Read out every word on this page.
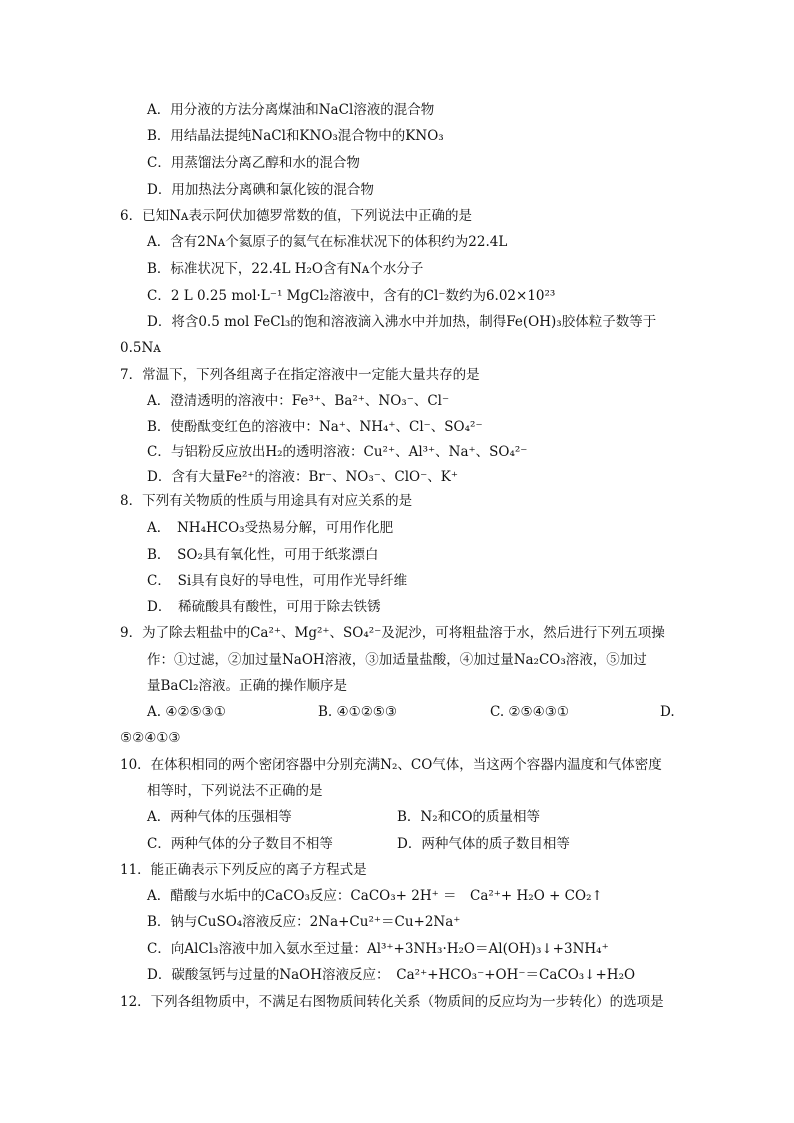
A．用分液的方法分离煤油和NaCl溶液的混合物
B．用结晶法提纯NaCl和KNO₃混合物中的KNO₃
C．用蒸馏法分离乙醇和水的混合物
D．用加热法分离碘和氯化铵的混合物
6．已知Nᴀ表示阿伏加德罗常数的值，下列说法中正确的是
A．含有2Nᴀ个氦原子的氦气在标准状况下的体积约为22.4L
B．标准状况下，22.4L H₂O含有Nᴀ个水分子
C．2 L 0.25 mol·L⁻¹ MgCl₂溶液中，含有的Cl⁻数约为6.02×10²³
D．将含0.5 mol FeCl₃的饱和溶液滴入沸水中并加热，制得Fe(OH)₃胶体粒子数等于
0.5Nᴀ
7．常温下，下列各组离子在指定溶液中一定能大量共存的是
A．澄清透明的溶液中：Fe³⁺、Ba²⁺、NO₃⁻、Cl⁻
B．使酚酞变红色的溶液中：Na⁺、NH₄⁺、Cl⁻、SO₄²⁻
C．与铝粉反应放出H₂的透明溶液：Cu²⁺、Al³⁺、Na⁺、SO₄²⁻
D．含有大量Fe²⁺的溶液：Br⁻、NO₃⁻、ClO⁻、K⁺
8．下列有关物质的性质与用途具有对应关系的是
A．　NH₄HCO₃受热易分解，可用作化肥
B．　SO₂具有氧化性，可用于纸浆漂白
C．　Si具有良好的导电性，可用作光导纤维
D．　稀硫酸具有酸性，可用于除去铁锈
9．为了除去粗盐中的Ca²⁺、Mg²⁺、SO₄²⁻及泥沙，可将粗盐溶于水，然后进行下列五项操
作：①过滤，②加过量NaOH溶液，③加适量盐酸，④加过量Na₂CO₃溶液，⑤加过
量BaCl₂溶液。正确的操作顺序是
A. ④②⑤③①	B. ④①②⑤③	C. ②⑤④③①	D.
⑤②④①③
10．在体积相同的两个密闭容器中分别充满N₂、CO气体，当这两个容器内温度和气体密度
相等时，下列说法不正确的是
A．两种气体的压强相等	B．N₂和CO的质量相等
C．两种气体的分子数目不相等	D．两种气体的质子数目相等
11．能正确表示下列反应的离子方程式是
A．醋酸与水垢中的CaCO₃反应：CaCO₃+ 2H⁺ ＝　Ca²⁺+ H₂O + CO₂↑
B．钠与CuSO₄溶液反应：2Na+Cu²⁺＝Cu+2Na⁺
C．向AlCl₃溶液中加入氨水至过量：Al³⁺+3NH₃·H₂O＝Al(OH)₃↓+3NH₄⁺
D．碳酸氢钙与过量的NaOH溶液反应：　Ca²⁺+HCO₃⁻+OH⁻＝CaCO₃↓+H₂O
12．下列各组物质中，不满足右图物质间转化关系（物质间的反应均为一步转化）的选项是
